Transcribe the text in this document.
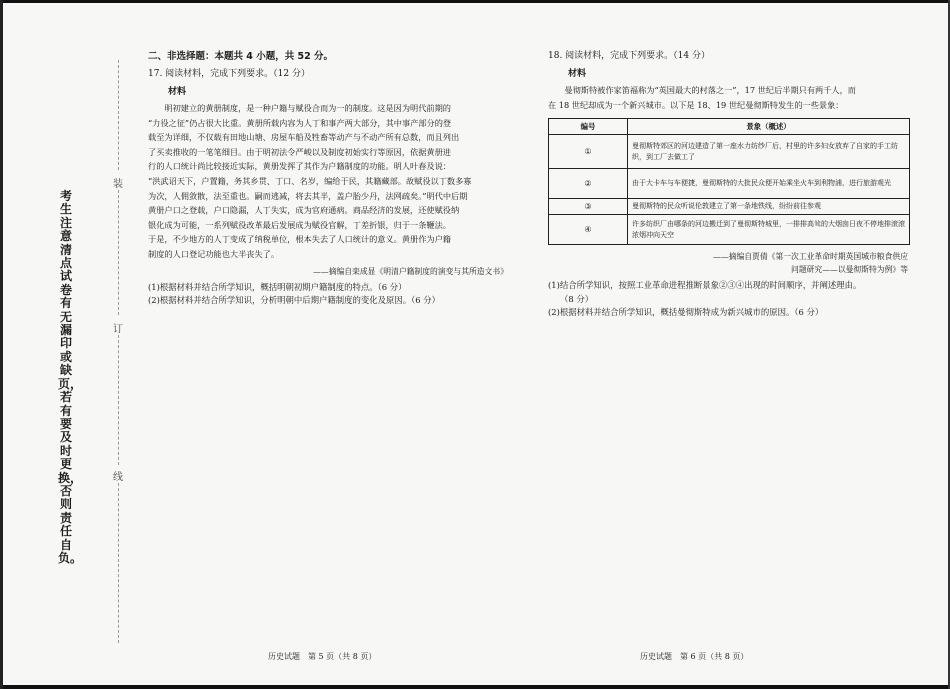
考生注意清点试卷有无漏印或缺页，若有要及时更换，否则责任自负。
装
订
线

二、非选择题：本题共 4 小题，共 52 分。

17. 阅读材料，完成下列要求。（12 分）

材料

　　明初建立的黄册制度，是一种户籍与赋役合而为一的制度。这是因为明代前期的

“力役之征”仍占很大比重。黄册所载内容为人丁和事产两大部分，其中事产部分的登

载至为详细，不仅载有田地山塘、房屋车船及牲畜等动产与不动产所有总数，而且列出

了买卖推收的一笔笔细目。由于明初法令严峻以及制度初始实行等原因，依据黄册进

行的人口统计尚比较接近实际，黄册发挥了其作为户籍制度的功能。明人叶春及说：

“洪武诏天下，户置籍，务其乡贯、丁口、名岁，编给于民，其籍藏部。故赋役以丁数多寡

为次，人佣敛散，法至重也。嗣而逃减，将去其半，盖户胎少丹，法网疏矣。”明代中后期

黄册户口之登载，户口隐漏，人丁失实，成为官府通病。商品经济的发展，还使赋役纳

银化成为可能，一系列赋役改革最后发展成为赋役官解，丁差折银，归于一条鞭法。

于是，不少地方的人丁变成了纳税单位，根本失去了人口统计的意义。黄册作为户籍

制度的人口登记功能也大半丧失了。

——摘编自栾成显《明清户籍制度的演变与其所造文书》

(1)根据材料并结合所学知识，概括明朝初期户籍制度的特点。（6 分）

(2)根据材料并结合所学知识，分析明朝中后期户籍制度的变化及原因。（6 分）

18. 阅读材料，完成下列要求。（14 分）

材料

　　曼彻斯特被作家笛福称为“英国最大的村落之一”，17 世纪后半期只有两千人，而

在 18 世纪却成为一个新兴城市。以下是 18、19 世纪曼彻斯特发生的一些景象：

编号	景象（概述）
①	曼彻斯特郊区的河边建造了第一座水力纺纱厂后，村里的许多妇女放弃了自家的手工纺织，到工厂去做工了
②	由于大卡车与车便捷，曼彻斯特的大批民众便开始乘坐火车到利物浦，进行旅游观光
③	曼彻斯特的民众听说伦敦建立了第一条地铁线，纷纷前往参观
④	许多纺织厂由哪条的河边搬迁到了曼彻斯特城里，一排排高耸的大烟囱日夜不停地排滚滚浓烟冲向天空

——摘编自贾倩《第一次工业革命时期英国城市粮食供应

问题研究——以曼彻斯特为例》等

(1)结合所学知识，按照工业革命进程推断景象②③④出现的时间顺序，并阐述理由。

（8 分）

(2)根据材料并结合所学知识，概括曼彻斯特成为新兴城市的原因。（6 分）

历史试题　第 5 页（共 8 页）	历史试题　第 6 页（共 8 页）
